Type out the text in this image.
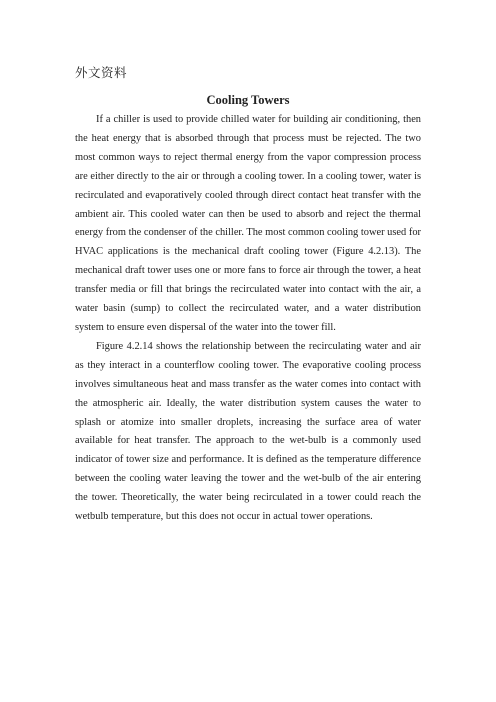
外文资料
Cooling Towers

If a chiller is used to provide chilled water for building air conditioning, then the heat energy that is absorbed through that process must be rejected. The two most common ways to reject thermal energy from the vapor compression process are either directly to the air or through a cooling tower. In a cooling tower, water is recirculated and evaporatively cooled through direct contact heat transfer with the ambient air. This cooled water can then be used to absorb and reject the thermal energy from the condenser of the chiller. The most common cooling tower used for HVAC applications is the mechanical draft cooling tower (Figure 4.2.13). The mechanical draft tower uses one or more fans to force air through the tower, a heat transfer media or fill that brings the recirculated water into contact with the air, a water basin (sump) to collect the recirculated water, and a water distribution system to ensure even dispersal of the water into the tower fill.

Figure 4.2.14 shows the relationship between the recirculating water and air as they interact in a counterflow cooling tower. The evaporative cooling process involves simultaneous heat and mass transfer as the water comes into contact with the atmospheric air. Ideally, the water distribution system causes the water to splash or atomize into smaller droplets, increasing the surface area of water available for heat transfer. The approach to the wet-bulb is a commonly used indicator of tower size and performance. It is defined as the temperature difference between the cooling water leaving the tower and the wet-bulb of the air entering the tower. Theoretically, the water being recirculated in a tower could reach the wetbulb temperature, but this does not occur in actual tower operations.
